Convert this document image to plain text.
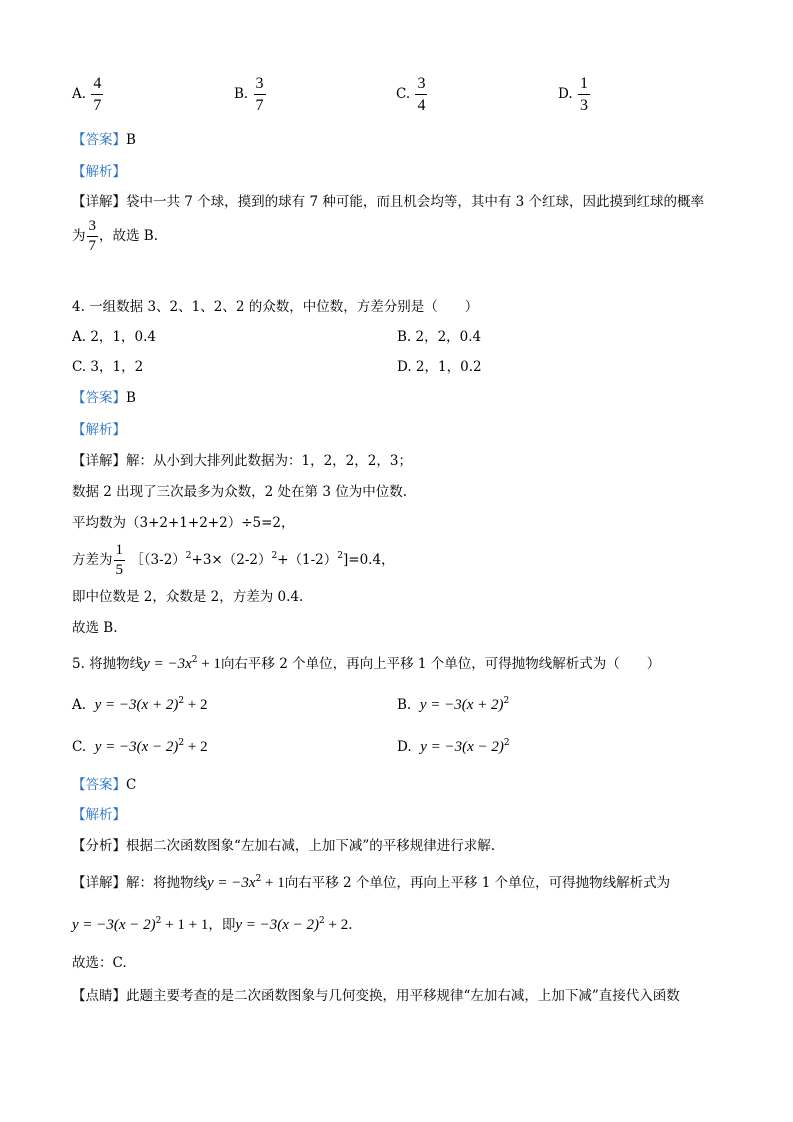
A. $\frac{4}{7}$	B. $\frac{3}{7}$	C. $\frac{3}{4}$	D. $\frac{1}{3}$
【答案】B
【解析】
【详解】袋中一共 7 个球，摸到的球有 7 种可能，而且机会均等，其中有 3 个红球，因此摸到红球的概率
为 $\frac{3}{7}$ ，故选 B.
4. 一组数据 3、2、1、2、2 的众数，中位数，方差分别是（　　）
A. 2，1，0.4	B. 2，2，0.4
C. 3，1，2	D. 2，1，0.2
【答案】B
【解析】
【详解】解：从小到大排列此数据为：1，2，2，2，3；
数据 2 出现了三次最多为众数，2 处在第 3 位为中位数.
平均数为（3+2+1+2+2）÷5=2，
方差为 $\frac{1}{5}$ $[(3-2)^2+3\times(2-2)^2+(1-2)^2]=0.4$，
即中位数是 2，众数是 2，方差为 0.4.
故选 B.
5. 将抛物线$y = -3x^2 + 1$向右平移 2 个单位，再向上平移 1 个单位，可得抛物线解析式为（　　）
A. $y = -3(x + 2)^2 + 2$	B. $y = -3(x + 2)^2$
C. $y = -3(x - 2)^2 + 2$	D. $y = -3(x - 2)^2$
【答案】C
【解析】
【分析】根据二次函数图象“左加右减，上加下减”的平移规律进行求解.
【详解】解：将抛物线$y = -3x^2 + 1$向右平移 2 个单位，再向上平移 1 个单位，可得抛物线解析式为
$y = -3(x - 2)^2 + 1 + 1$，即$y = -3(x - 2)^2 + 2$.
故选：C.
【点睛】此题主要考查的是二次函数图象与几何变换，用平移规律“左加右减，上加下减”直接代入函数
